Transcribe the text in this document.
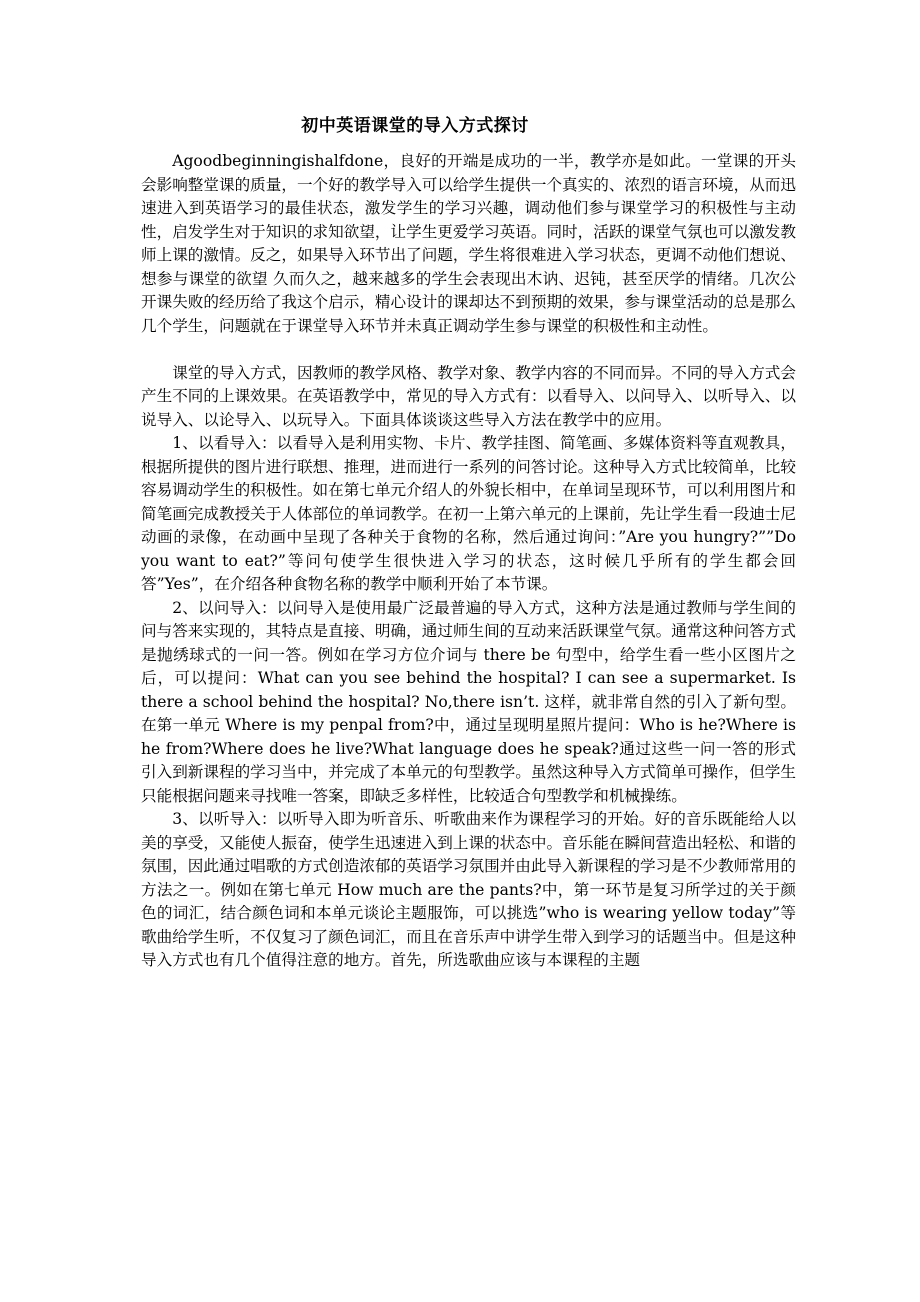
初中英语课堂的导入方式探讨

Agoodbeginningishalfdone，良好的开端是成功的一半，教学亦是如此。一堂课的开头会影响整堂课的质量，一个好的教学导入可以给学生提供一个真实的、浓烈的语言环境，从而迅速进入到英语学习的最佳状态，激发学生的学习兴趣，调动他们参与课堂学习的积极性与主动性，启发学生对于知识的求知欲望，让学生更爱学习英语。同时，活跃的课堂气氛也可以激发教师上课的激情。反之，如果导入环节出了问题，学生将很难进入学习状态，更调不动他们想说、想参与课堂的欲望 久而久之，越来越多的学生会表现出木讷、迟钝，甚至厌学的情绪。几次公开课失败的经历给了我这个启示，精心设计的课却达不到预期的效果，参与课堂活动的总是那么几个学生，问题就在于课堂导入环节并未真正调动学生参与课堂的积极性和主动性。

课堂的导入方式，因教师的教学风格、教学对象、教学内容的不同而异。不同的导入方式会产生不同的上课效果。在英语教学中，常见的导入方式有：以看导入、以问导入、以听导入、以说导入、以论导入、以玩导入。下面具体谈谈这些导入方法在教学中的应用。

1、以看导入：以看导入是利用实物、卡片、教学挂图、简笔画、多媒体资料等直观教具，根据所提供的图片进行联想、推理，进而进行一系列的问答讨论。这种导入方式比较简单，比较容易调动学生的积极性。如在第七单元介绍人的外貌长相中，在单词呈现环节，可以利用图片和简笔画完成教授关于人体部位的单词教学。在初一上第六单元的上课前，先让学生看一段迪士尼动画的录像，在动画中呈现了各种关于食物的名称，然后通过询问：”Are you hungry?””Do you want to eat?”等问句使学生很快进入学习的状态，这时候几乎所有的学生都会回答”Yes”，在介绍各种食物名称的教学中顺利开始了本节课。

2、以问导入：以问导入是使用最广泛最普遍的导入方式，这种方法是通过教师与学生间的问与答来实现的，其特点是直接、明确，通过师生间的互动来活跃课堂气氛。通常这种问答方式是抛绣球式的一问一答。例如在学习方位介词与 there be 句型中，给学生看一些小区图片之后，可以提问：What can you see behind the hospital? I can see a supermarket. Is there a school behind the hospital? No,there isn’t. 这样，就非常自然的引入了新句型。在第一单元 Where is my penpal from?中，通过呈现明星照片提问：Who is he?Where is he from?Where does he live?What language does he speak?通过这些一问一答的形式引入到新课程的学习当中，并完成了本单元的句型教学。虽然这种导入方式简单可操作，但学生只能根据问题来寻找唯一答案，即缺乏多样性，比较适合句型教学和机械操练。

3、以听导入：以听导入即为听音乐、听歌曲来作为课程学习的开始。好的音乐既能给人以美的享受，又能使人振奋，使学生迅速进入到上课的状态中。音乐能在瞬间营造出轻松、和谐的氛围，因此通过唱歌的方式创造浓郁的英语学习氛围并由此导入新课程的学习是不少教师常用的方法之一。例如在第七单元 How much are the pants?中，第一环节是复习所学过的关于颜色的词汇，结合颜色词和本单元谈论主题服饰，可以挑选”who is wearing yellow today”等歌曲给学生听，不仅复习了颜色词汇，而且在音乐声中讲学生带入到学习的话题当中。但是这种导入方式也有几个值得注意的地方。首先，所选歌曲应该与本课程的主题
